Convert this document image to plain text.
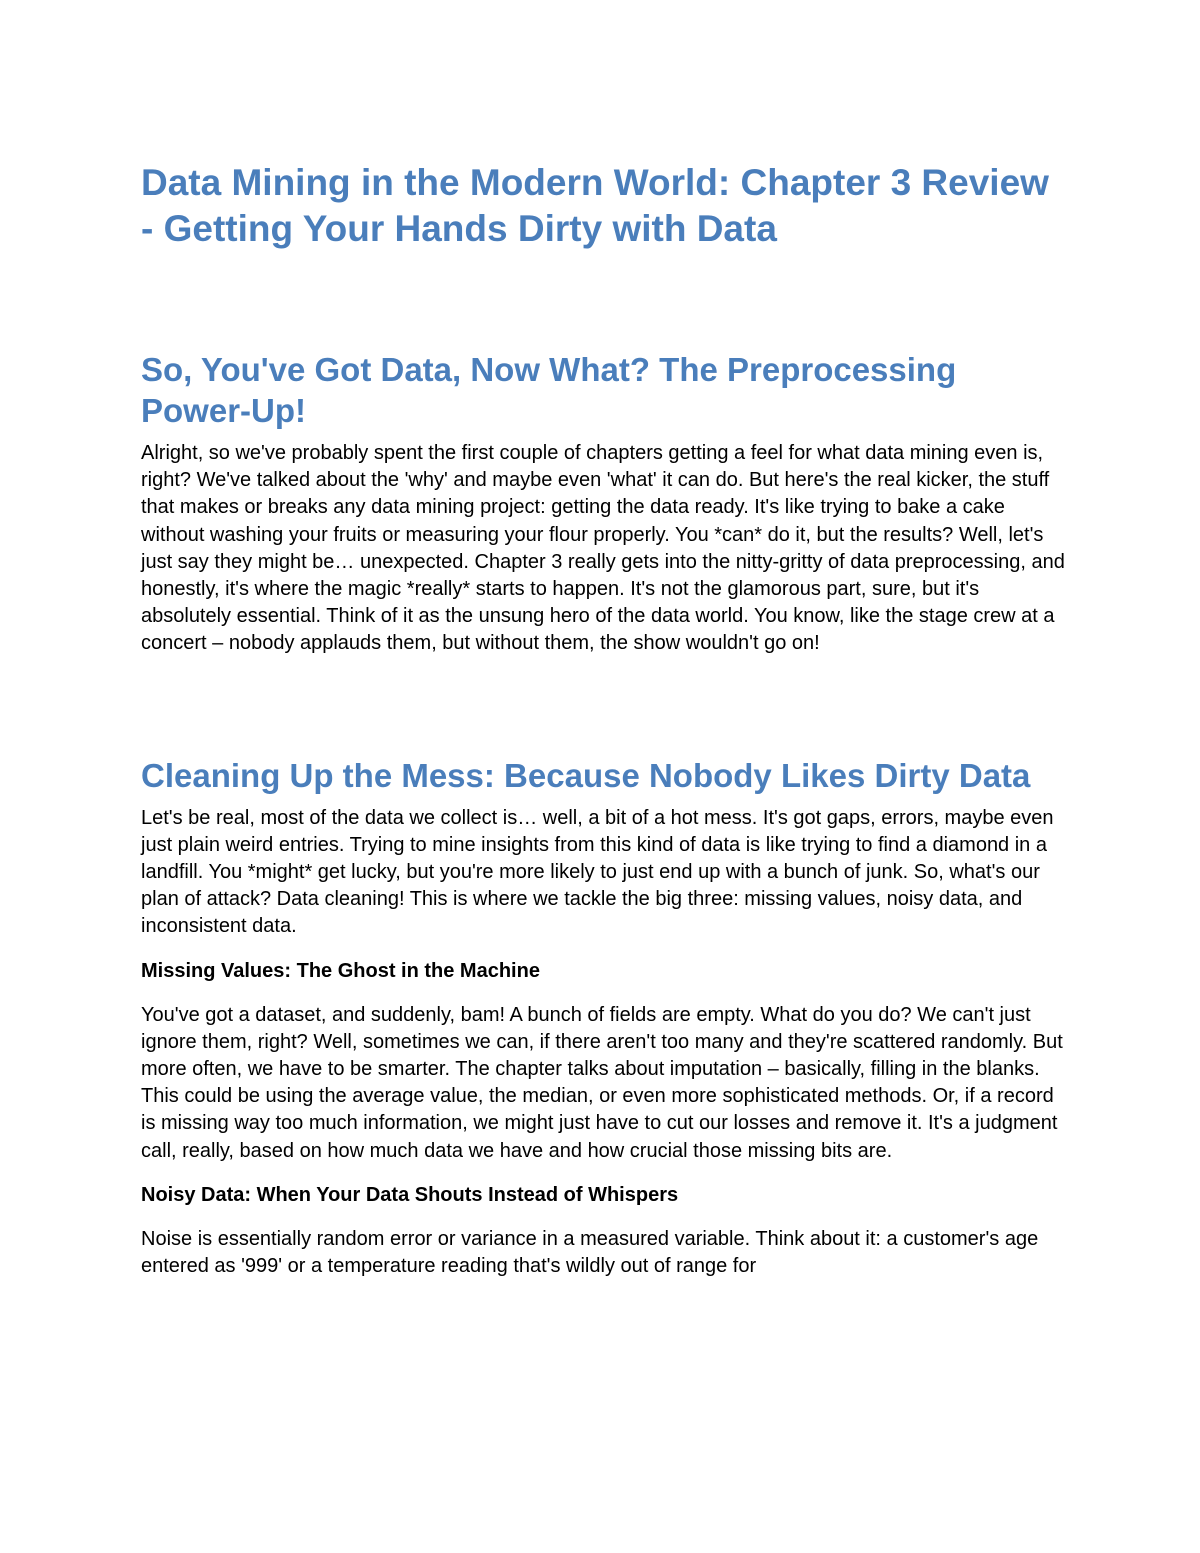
Data Mining in the Modern World: Chapter 3 Review - Getting Your Hands Dirty with Data
So, You've Got Data, Now What? The Preprocessing Power-Up!

Alright, so we've probably spent the first couple of chapters getting a feel for what data mining even is, right? We've talked about the 'why' and maybe even 'what' it can do. But here's the real kicker, the stuff that makes or breaks any data mining project: getting the data ready. It's like trying to bake a cake without washing your fruits or measuring your flour properly. You *can* do it, but the results? Well, let's just say they might be… unexpected. Chapter 3 really gets into the nitty-gritty of data preprocessing, and honestly, it's where the magic *really* starts to happen. It's not the glamorous part, sure, but it's absolutely essential. Think of it as the unsung hero of the data world. You know, like the stage crew at a concert – nobody applauds them, but without them, the show wouldn't go on!

Cleaning Up the Mess: Because Nobody Likes Dirty Data

Let's be real, most of the data we collect is… well, a bit of a hot mess. It's got gaps, errors, maybe even just plain weird entries. Trying to mine insights from this kind of data is like trying to find a diamond in a landfill. You *might* get lucky, but you're more likely to just end up with a bunch of junk. So, what's our plan of attack? Data cleaning! This is where we tackle the big three: missing values, noisy data, and inconsistent data.

Missing Values: The Ghost in the Machine

You've got a dataset, and suddenly, bam! A bunch of fields are empty. What do you do? We can't just ignore them, right? Well, sometimes we can, if there aren't too many and they're scattered randomly. But more often, we have to be smarter. The chapter talks about imputation – basically, filling in the blanks. This could be using the average value, the median, or even more sophisticated methods. Or, if a record is missing way too much information, we might just have to cut our losses and remove it. It's a judgment call, really, based on how much data we have and how crucial those missing bits are.

Noisy Data: When Your Data Shouts Instead of Whispers

Noise is essentially random error or variance in a measured variable. Think about it: a customer's age entered as '999' or a temperature reading that's wildly out of range for
